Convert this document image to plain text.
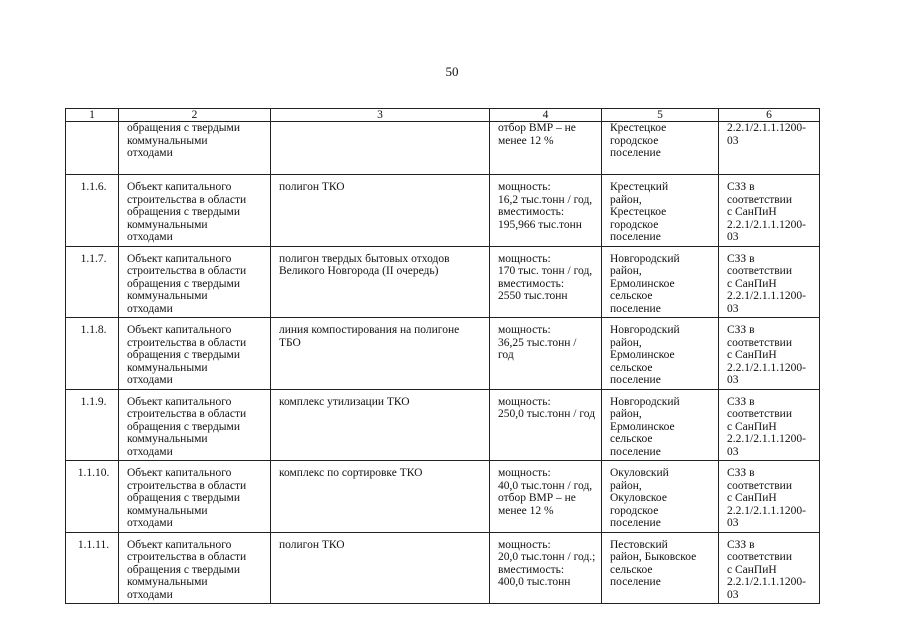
50
1	2	3	4	5	6
	обращения с твердыми
коммунальными
отходами		отбор ВМР – не
менее 12 %	Крестецкое
городское
поселение	2.2.1/2.1.1.1200-03
1.1.6.	Объект капитального
строительства в области
обращения с твердыми
коммунальными
отходами	полигон ТКО	мощность:
16,2 тыс.тонн / год,
вместимость:
195,966 тыс.тонн	Крестецкий
район,
Крестецкое
городское
поселение	СЗЗ в соответствии
с СанПиН
2.2.1/2.1.1.1200-03
1.1.7.	Объект капитального
строительства в области
обращения с твердыми
коммунальными
отходами	полигон твердых бытовых отходов
Великого Новгорода (II очередь)	мощность:
170 тыс. тонн / год,
вместимость:
2550 тыс.тонн	Новгородский
район,
Ермолинское
сельское
поселение	СЗЗ в соответствии
с СанПиН
2.2.1/2.1.1.1200-03
1.1.8.	Объект капитального
строительства в области
обращения с твердыми
коммунальными
отходами	линия компостирования на полигоне
ТБО	мощность:
36,25 тыс.тонн /
год	Новгородский
район,
Ермолинское
сельское
поселение	СЗЗ в соответствии
с СанПиН
2.2.1/2.1.1.1200-03
1.1.9.	Объект капитального
строительства в области
обращения с твердыми
коммунальными
отходами	комплекс утилизации ТКО	мощность:
250,0 тыс.тонн / год	Новгородский
район,
Ермолинское
сельское
поселение	СЗЗ в соответствии
с СанПиН
2.2.1/2.1.1.1200-03
1.1.10.	Объект капитального
строительства в области
обращения с твердыми
коммунальными
отходами	комплекс по сортировке ТКО	мощность:
40,0 тыс.тонн / год,
отбор ВМР – не
менее 12 %	Окуловский
район,
Окуловское
городское
поселение	СЗЗ в соответствии
с СанПиН
2.2.1/2.1.1.1200-03
1.1.11.	Объект капитального
строительства в области
обращения с твердыми
коммунальными
отходами	полигон ТКО	мощность:
20,0 тыс.тонн / год.;
вместимость:
400,0 тыс.тонн	Пестовский
район, Быковское
сельское
поселение	СЗЗ в соответствии
с СанПиН
2.2.1/2.1.1.1200-03
